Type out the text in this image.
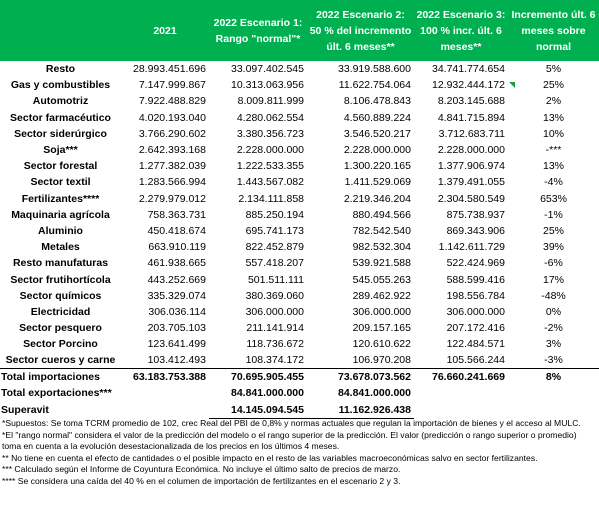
	2021	2022 Escenario 1: Rango "normal"*	2022 Escenario 2: 50 % del incremento últ. 6 meses**	2022 Escenario 3: 100 % incr. últ. 6 meses**	Incremento últ. 6 meses sobre normal
Resto	28.993.451.696	33.097.402.545	33.919.588.600	34.741.774.654	5%
Gas y combustibles	7.147.999.867	10.313.063.956	11.622.754.064	12.932.444.172	25%
Automotriz	7.922.488.829	8.009.811.999	8.106.478.843	8.203.145.688	2%
Sector farmacéutico	4.020.193.040	4.280.062.554	4.560.889.224	4.841.715.894	13%
Sector siderúrgico	3.766.290.602	3.380.356.723	3.546.520.217	3.712.683.711	10%
Soja***	2.642.393.168	2.228.000.000	2.228.000.000	2.228.000.000	-***
Sector forestal	1.277.382.039	1.222.533.355	1.300.220.165	1.377.906.974	13%
Sector textil	1.283.566.994	1.443.567.082	1.411.529.069	1.379.491.055	-4%
Fertilizantes****	2.279.979.012	2.134.111.858	2.219.346.204	2.304.580.549	653%
Maquinaria agrícola	758.363.731	885.250.194	880.494.566	875.738.937	-1%
Aluminio	450.418.674	695.741.173	782.542.540	869.343.906	25%
Metales	663.910.119	822.452.879	982.532.304	1.142.611.729	39%
Resto manufaturas	461.938.665	557.418.207	539.921.588	522.424.969	-6%
Sector frutihortícola	443.252.669	501.511.111	545.055.263	588.599.416	17%
Sector químicos	335.329.074	380.369.060	289.462.922	198.556.784	-48%
Electricidad	306.036.114	306.000.000	306.000.000	306.000.000	0%
Sector pesquero	203.705.103	211.141.914	209.157.165	207.172.416	-2%
Sector Porcino	123.641.499	118.736.672	120.610.622	122.484.571	3%
Sector cueros y carne	103.412.493	108.374.172	106.970.208	105.566.244	-3%
Total importaciones	63.183.753.388	70.695.905.455	73.678.073.562	76.660.241.669	8%
Total exportaciones***		84.841.000.000	84.841.000.000		
Superavit		14.145.094.545	11.162.926.438		

*Supuestos: Se toma TCRM promedio de 102, crec Real del PBI de 0,8% y normas actuales que regulan la importación de bienes y el acceso al MULC.

*El "rango normal" considera el valor de la predicción del modelo o el rango superior de la predicción. El valor (predicción o rango superior o promedio) toma en cuenta a la evolución desestacionalizada de los precios en los últimos 4 meses.

** No tiene en cuenta el efecto de cantidades o el posible impacto en el resto de las variables macroeconómicas salvo en sector fertilizantes.

*** Calculado según el Informe de Coyuntura Económica. No incluye el último salto de precios de marzo.

**** Se considera una caída del 40 % en el columen de importación de fertilizantes en el escenario 2 y 3.
